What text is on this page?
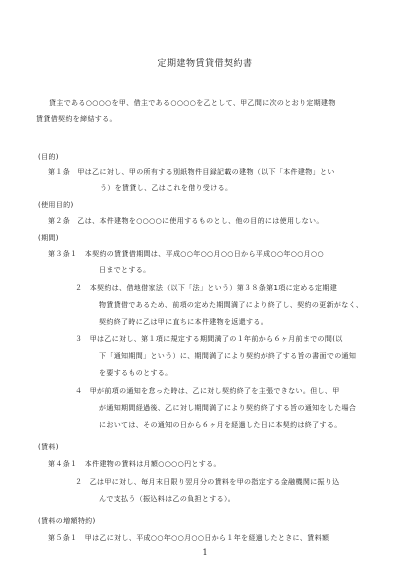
定期建物賃貸借契約書
貸主である○○○○を甲、借主である○○○○を乙として、甲乙間に次のとおり定期建物
賃貸借契約を締結する。
(目的)
第１条　甲は乙に対し、甲の所有する別紙物件目録記載の建物（以下「本件建物」とい
う）を賃貸し、乙はこれを借り受ける。
(使用目的)
第２条　乙は、本件建物を○○○○に使用するものとし、他の目的には使用しない。
(期間)
第３条１　本契約の賃貸借期間は、平成○○年○○月○○日から平成○○年○○月○○
日までとする。
２　本契約は、借地借家法（以下「法」という）第３８条第1項に定める定期建
物賃貸借であるため、前項の定めた期間満了により終了し、契約の更新がなく、
契約終了時に乙は甲に直ちに本件建物を返還する。
３　甲は乙に対し、第１項に規定する期間満了の１年前から６ヶ月前までの間(以
下「通知期間」という）に、期間満了により契約が終了する旨の書面での通知
を要するものとする。
４　甲が前項の通知を怠った時は、乙に対し契約終了を主張できない。但し、甲
が通知期間経過後、乙に対し期間満了により契約終了する旨の通知をした場合
においては、その通知の日から６ヶ月を経過した日に本契約は終了する。
(賃料)
第４条１　本件建物の賃料は月額○○○○円とする。
２　乙は甲に対し、毎月末日限り翌月分の賃料を甲の指定する金融機関に振り込
んで支払う（振込料は乙の負担とする）。
(賃料の増額特約)
第５条１　甲は乙に対し、平成○○年○○月○○日から１年を経過したときに、賃料額
1
